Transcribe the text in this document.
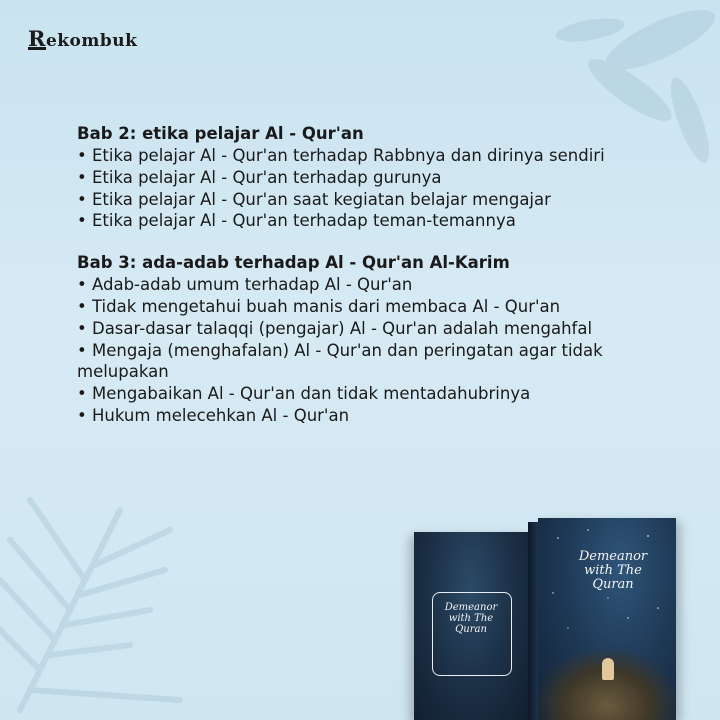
Rekombuk
Bab 2: etika pelajar Al - Qur'an
• Etika pelajar Al - Qur'an terhadap Rabbnya dan dirinya sendiri
• Etika pelajar Al - Qur'an terhadap gurunya
• Etika pelajar Al - Qur'an saat kegiatan belajar mengajar
• Etika pelajar Al - Qur'an terhadap teman-temannya
Bab 3: ada-adab terhadap Al - Qur'an Al-Karim
• Adab-adab umum terhadap Al - Qur'an
• Tidak mengetahui buah manis dari membaca Al - Qur'an
• Dasar-dasar talaqqi (pengajar) Al - Qur'an adalah mengahfal
• Mengaja (menghafalan) Al - Qur'an dan peringatan agar tidak melupakan
• Mengabaikan Al - Qur'an dan tidak mentadahubrinya
• Hukum melecehkan Al - Qur'an
Demeanor
with The
Quran
Demeanor
with The
Quran
